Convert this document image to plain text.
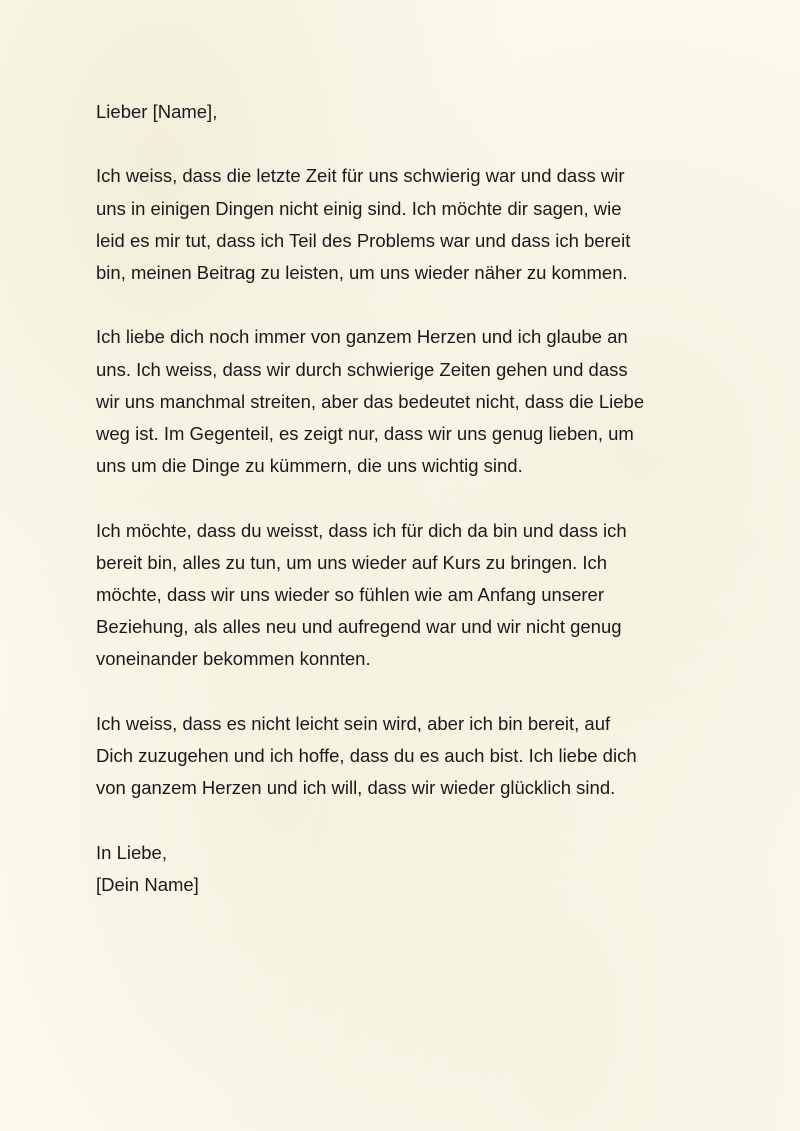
Lieber [Name],

Ich weiss, dass die letzte Zeit für uns schwierig war und dass wir
uns in einigen Dingen nicht einig sind. Ich möchte dir sagen, wie
leid es mir tut, dass ich Teil des Problems war und dass ich bereit
bin, meinen Beitrag zu leisten, um uns wieder näher zu kommen.

Ich liebe dich noch immer von ganzem Herzen und ich glaube an
uns. Ich weiss, dass wir durch schwierige Zeiten gehen und dass
wir uns manchmal streiten, aber das bedeutet nicht, dass die Liebe
weg ist. Im Gegenteil, es zeigt nur, dass wir uns genug lieben, um
uns um die Dinge zu kümmern, die uns wichtig sind.

Ich möchte, dass du weisst, dass ich für dich da bin und dass ich
bereit bin, alles zu tun, um uns wieder auf Kurs zu bringen. Ich
möchte, dass wir uns wieder so fühlen wie am Anfang unserer
Beziehung, als alles neu und aufregend war und wir nicht genug
voneinander bekommen konnten.

Ich weiss, dass es nicht leicht sein wird, aber ich bin bereit, auf
Dich zuzugehen und ich hoffe, dass du es auch bist. Ich liebe dich
von ganzem Herzen und ich will, dass wir wieder glücklich sind.

In Liebe,
[Dein Name]
